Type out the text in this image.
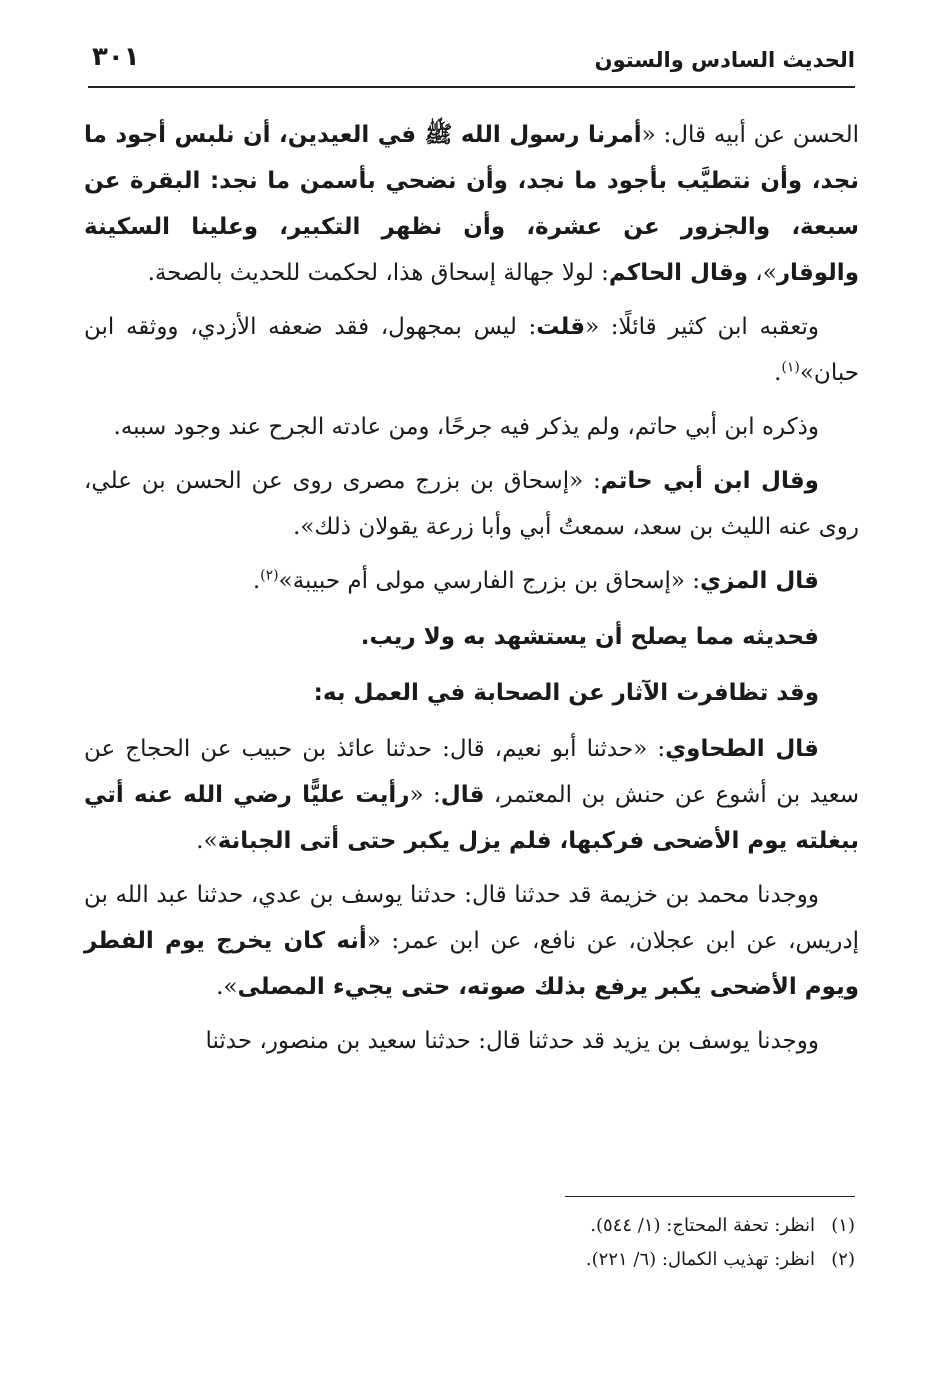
الحديث السادس والستون
٣٠١

الحسن عن أبيه قال: «أمرنا رسول الله ﷺ في العيدين، أن نلبس أجود ما نجد، وأن نتطيَّب بأجود ما نجد، وأن نضحي بأسمن ما نجد: البقرة عن سبعة، والجزور عن عشرة، وأن نظهر التكبير، وعلينا السكينة والوقار»، وقال الحاكم: لولا جهالة إسحاق هذا، لحكمت للحديث بالصحة.

وتعقبه ابن كثير قائلًا: «قلت: ليس بمجهول، فقد ضعفه الأزدي، ووثقه ابن حبان»$^{(١)}$.

وذكره ابن أبي حاتم، ولم يذكر فيه جرحًا، ومن عادته الجرح عند وجود سببه.

وقال ابن أبي حاتم: «إسحاق بن بزرج مصرى روى عن الحسن بن علي، روى عنه الليث بن سعد، سمعتُ أبي وأبا زرعة يقولان ذلك».

قال المزي: «إسحاق بن بزرج الفارسي مولى أم حبيبة»$^{(٢)}$.

فحديثه مما يصلح أن يستشهد به ولا ريب.

وقد تظافرت الآثار عن الصحابة في العمل به:

قال الطحاوي: «حدثنا أبو نعيم، قال: حدثنا عائذ بن حبيب عن الحجاج عن سعيد بن أشوع عن حنش بن المعتمر، قال: «رأيت عليًّا رضي الله عنه أتي ببغلته يوم الأضحى فركبها، فلم يزل يكبر حتى أتى الجبانة».

ووجدنا محمد بن خزيمة قد حدثنا قال: حدثنا يوسف بن عدي، حدثنا عبد الله بن إدريس، عن ابن عجلان، عن نافع، عن ابن عمر: «أنه كان يخرج يوم الفطر ويوم الأضحى يكبر يرفع بذلك صوته، حتى يجيء المصلى».

ووجدنا يوسف بن يزيد قد حدثنا قال: حدثنا سعيد بن منصور، حدثنا

(١)انظر: تحفة المحتاج: (١/ ٥٤٤).
(٢)انظر: تهذيب الكمال: (٦/ ٢٢١).
